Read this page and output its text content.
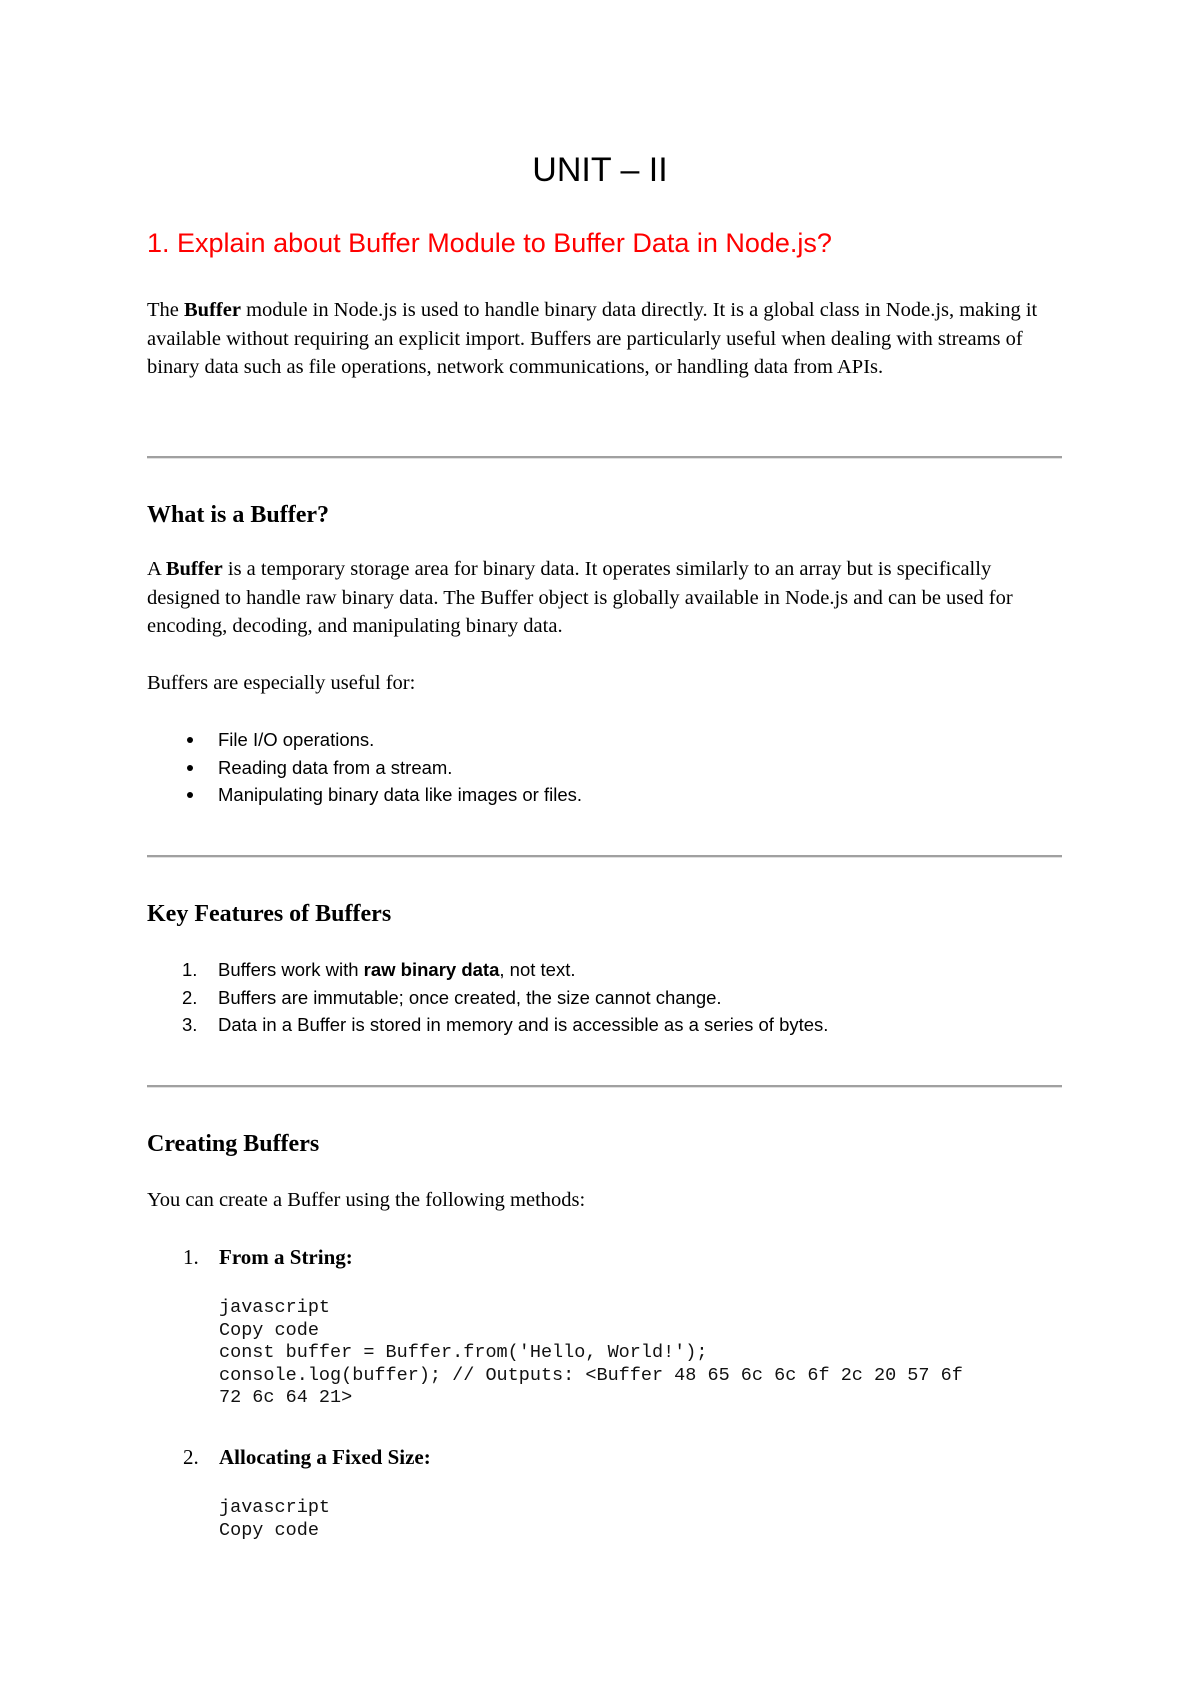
UNIT – II
1. Explain about Buffer Module to Buffer Data in Node.js?

The Buffer module in Node.js is used to handle binary data directly. It is a global class in Node.js, making it available without requiring an explicit import. Buffers are particularly useful when dealing with streams of binary data such as file operations, network communications, or handling data from APIs.

What is a Buffer?

A Buffer is a temporary storage area for binary data. It operates similarly to an array but is specifically designed to handle raw binary data. The Buffer object is globally available in Node.js and can be used for encoding, decoding, and manipulating binary data.

Buffers are especially useful for:

File I/O operations.
Reading data from a stream.
Manipulating binary data like images or files.
Key Features of Buffers
1. Buffers work with raw binary data, not text.
2. Buffers are immutable; once created, the size cannot change.
3. Data in a Buffer is stored in memory and is accessible as a series of bytes.
Creating Buffers

You can create a Buffer using the following methods:

1. From a String:
javascript
Copy code
const buffer = Buffer.from('Hello, World!');
console.log(buffer); // Outputs: <Buffer 48 65 6c 6c 6f 2c 20 57 6f
72 6c 64 21>
2. Allocating a Fixed Size:
javascript
Copy code
